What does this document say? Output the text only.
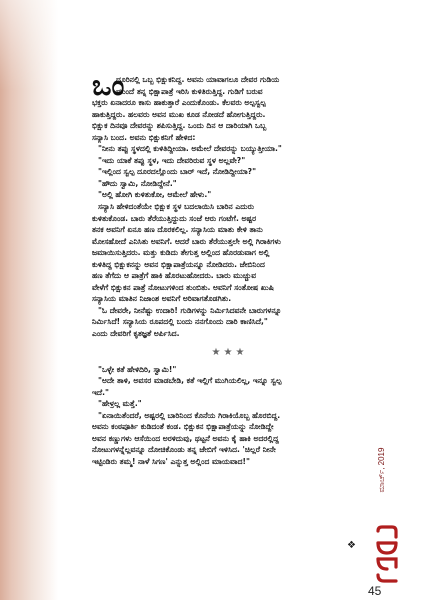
ಒಂ
ದೂರಿನಲ್ಲಿ ಒಬ್ಬ ಭಿಕ್ಷುಕನಿದ್ದ. ಅವನು ಯಾವಾಗಲೂ ದೇವರ ಗುಡಿಯ
ಮುಂದೆ ತನ್ನ ಭಿಕ್ಷಾಪಾತ್ರೆ ಇರಿಸಿ ಕುಳಿತಿರುತ್ತಿದ್ದ. ಗುಡಿಗೆ ಬರುವ
ಭಕ್ತರು ಏನಾದರೂ ಕಾಸು ಹಾಕುತ್ತಾರೆ ಎಂದುಕೊಂಡು. ಕೆಲವರು ಅಲ್ಪಸ್ವಲ್ಪ
ಹಾಕುತ್ತಿದ್ದರು. ಹಲವರು ಅವನ ಮುಖ ಕೂಡ ನೋಡದೆ ಹೋಗುತ್ತಿದ್ದರು.
ಭಿಕ್ಷುಕ ದಿನವೂ ದೇವರನ್ನು ಶಪಿಸುತ್ತಿದ್ದ. ಒಂದು ದಿನ ಆ ದಾರಿಯಾಗಿ ಒಬ್ಬ
ಸನ್ಯಾಸಿ ಬಂದ. ಅವನು ಭಿಕ್ಷುಕನಿಗೆ ಹೇಳಿದ:
"ನೀನು ತಪ್ಪು ಸ್ಥಳದಲ್ಲಿ ಕುಳಿತಿದ್ದೀಯಾ. ಅಮೇಲೆ ದೇವರನ್ನು ಬಯ್ಯುತ್ತೀಯಾ."
"ಇದು ಯಾಕೆ ತಪ್ಪು ಸ್ಥಳ, ಇದು ದೇವರಿರುವ ಸ್ಥಳ ಅಲ್ಲವೇ?"
"ಇಲ್ಲಿಂದ ಸ್ವಲ್ಪ ದೂರದಲ್ಲೊಂದು ಬಾರ್ ಇದೆ, ನೋಡಿದ್ದೀಯಾ?"
"ಹೌದು ಸ್ವಾಮಿ, ನೋಡಿದ್ದೇನೆ."
"ಅಲ್ಲಿ ಹೋಗಿ ಕುಳಿತುಕೋ, ಆಮೇಲೆ ಹೇಳು."
ಸನ್ಯಾಸಿ ಹೇಳಿದಂತೆಯೇ ಭಿಕ್ಷುಕ ಸ್ಥಳ ಬದಲಾಯಿಸಿ ಬಾರಿನ ಎದುರು
ಕುಳಿತುಕೊಂಡ. ಬಾರು ತೆರೆಯುತ್ತಿದ್ದುದು ಸಂಜೆ ಆರು ಗಂಟೆಗೆ. ಅಷ್ಟರ
ತನಕ ಅವನಿಗೆ ಏನೂ ಹಣ ದೊರಕಲಿಲ್ಲ. ಸನ್ಯಾಸಿಯ ಮಾತು ಕೇಳಿ ತಾನು
ಮೋಸಹೋದೆ ಎನಿಸಿತು ಅವನಿಗೆ. ಆದರೆ ಬಾರು ತೆರೆಯುತ್ತಲೇ ಅಲ್ಲಿ ಗಿರಾಕಿಗಳು
ಜಮಾಯಿಸುತ್ತಿದರು. ಮತ್ತು ಕುಡಿದು ತೇಗುತ್ತ ಅಲ್ಲಿಂದ ಹೊರಡುವಾಗ ಅಲ್ಲಿ
ಕುಳಿತಿದ್ದ ಭಿಕ್ಷುಕನನ್ನು ಅವನ ಭಿಕ್ಷಾಪಾತ್ರೆಯನ್ನೂ ನೋಡಿದರು. ಜೇಬಿನಿಂದ
ಹಣ ತೆಗೆದು ಆ ಪಾತ್ರೆಗೆ ಹಾಕಿ ಹೊರಟುಹೋದರು. ಬಾರು ಮುಚ್ಚುವ
ವೇಳೆಗೆ ಭಿಕ್ಷುಕನ ಪಾತ್ರೆ ನೋಟುಗಳಿಂದ ತುಂಬಿತು. ಅವನಿಗೆ ಸಂತೋಷ ಖುಷಿ
ಸನ್ಯಾಸಿಯ ಮಾತಿನ ನಿಜಾಂಶ ಅವನಿಗೆ ಅರಿವಾಗತೊಡಗಿತು.
"ಓ ದೇವರೇ, ನೀನೆಷ್ಟು ಉದಾರಿ! ಗುಡಿಗಳನ್ನು ನಿರ್ಮಿಸಿದವನೇ ಬಾರುಗಳನ್ನೂ
ನಿರ್ಮಿಸಿದೆ! ಸನ್ಯಾಸಿಯ ರೂಪದಲ್ಲಿ ಬಂದು ನನಗೊಂದು ದಾರಿ ಕಾಣಿಸಿದೆ,"
ಎಂದು ದೇವರಿಗೆ ಕೃತಜ್ಞತೆ ಅರ್ಪಿಸಿದ.
★★★
"ಒಳ್ಳೇ ಕತೆ ಹೇಳಿದಿರಿ, ಸ್ವಾಮಿ!"
"ಅದೇ ತಾಳಿ, ಅವಸರ ಮಾಡಬೇಡಿ, ಕತೆ ಇಲ್ಲಿಗೆ ಮುಗಿಯಲಿಲ್ಲ, ಇನ್ನೂ ಸ್ವಲ್ಪ
ಇದೆ."
"ಹೇಳ್ರಲ್ಲ ಮತ್ತೆ."
"ಏನಾಯಿತೆಂದರೆ, ಅಷ್ಟರಲ್ಲಿ ಬಾರಿನಿಂದ ಕೊನೆಯ ಗಿರಾಕಿಯೊಬ್ಬ ಹೊರಬಿದ್ದ.
ಅವನು ಕಂಠಪೂರ್ತಿ ಕುಡಿದಂತೆ ಕಂಡ. ಭಿಕ್ಷುಕನ ಭಿಕ್ಷಾಪಾತ್ರೆಯನ್ನು ನೋಡಿದ್ದೇ
ಅವನ ಕಣ್ಣುಗಳು ಆಸೆಯಿಂದ ಅರಳಿದುವು, ಥಟ್ಟನೆ ಅವನು ಕೈ ಹಾಕಿ ಅದರಲ್ಲಿದ್ದ
ನೋಟುಗಳನ್ನೆಲ್ಲವನ್ನೂ ದೋಚಿಕೊಂಡು ತನ್ನ ಜೇಬಿಗೆ ಇಳಿಸಿದ. 'ಚಿಲ್ಲರೆ ನೀನೇ
ಇಟ್ಟಿಂಡಿರು ತಮ್ಮ! ನಾಳೆ ಸಿಗಣ' ಎನ್ನುತ್ತ ಅಲ್ಲಿಂದ ಮಾಯವಾದ!"
❖
ಮಾರ್ಚ್, 2019
45
